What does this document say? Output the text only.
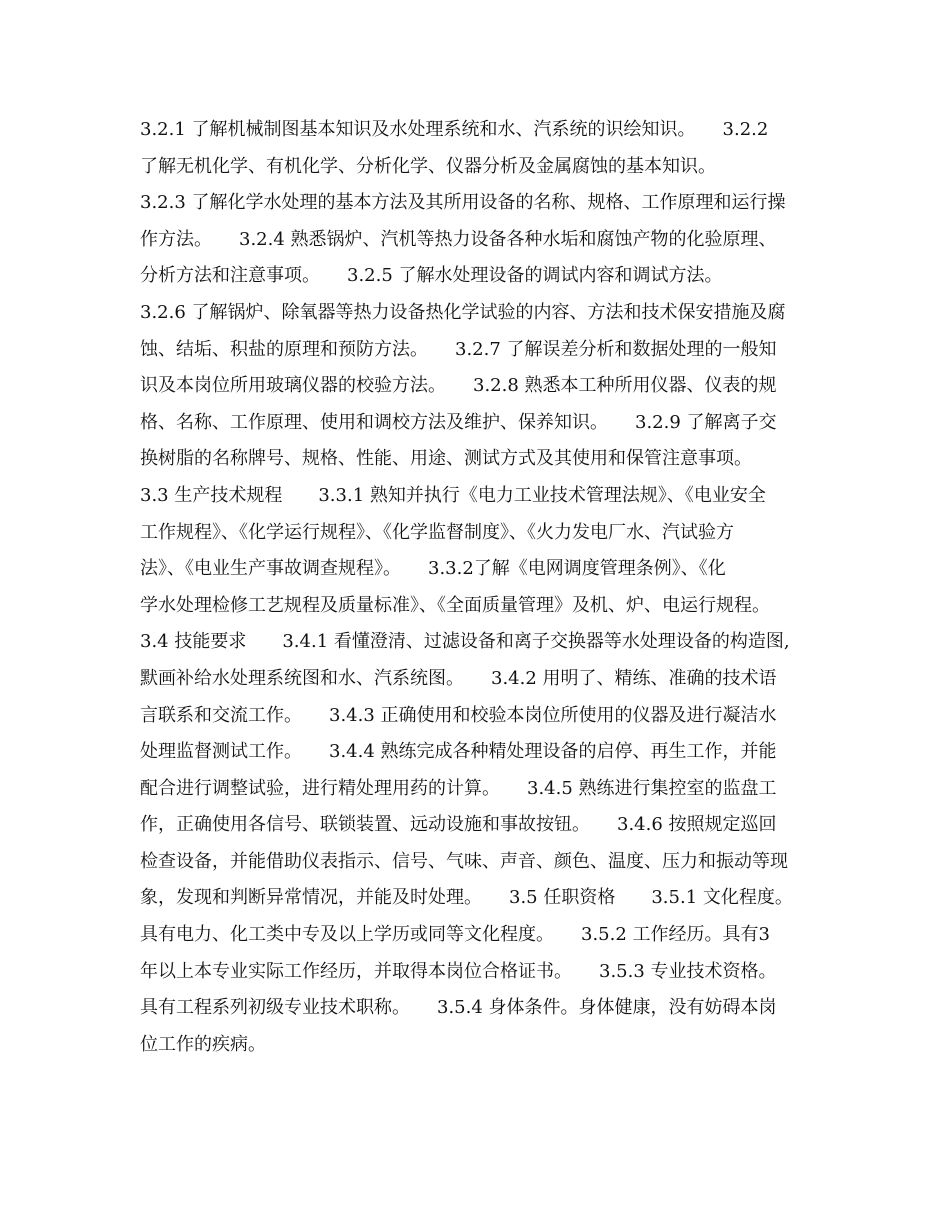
3.2.1 了解机械制图基本知识及水处理系统和水、汽系统的识绘知识。　　3.2.2
了解无机化学、有机化学、分析化学、仪器分析及金属腐蚀的基本知识。
3.2.3 了解化学水处理的基本方法及其所用设备的名称、规格、工作原理和运行操
作方法。　　3.2.4 熟悉锅炉、汽机等热力设备各种水垢和腐蚀产物的化验原理、
分析方法和注意事项。　　3.2.5 了解水处理设备的调试内容和调试方法。
3.2.6 了解锅炉、除氧器等热力设备热化学试验的内容、方法和技术保安措施及腐
蚀、结垢、积盐的原理和预防方法。　　3.2.7 了解误差分析和数据处理的一般知
识及本岗位所用玻璃仪器的校验方法。　　3.2.8 熟悉本工种所用仪器、仪表的规
格、名称、工作原理、使用和调校方法及维护、保养知识。　　3.2.9 了解离子交
换树脂的名称牌号、规格、性能、用途、测试方式及其使用和保管注意事项。
3.3 生产技术规程　　3.3.1 熟知并执行《电力工业技术管理法规》、《电业安全
工作规程》、《化学运行规程》、《化学监督制度》、《火力发电厂水、汽试验方
法》、《电业生产事故调查规程》。　　3.3.2了解《电网调度管理条例》、《化
学水处理检修工艺规程及质量标准》、《全面质量管理》及机、炉、电运行规程。
3.4 技能要求　　3.4.1 看懂澄清、过滤设备和离子交换器等水处理设备的构造图,
默画补给水处理系统图和水、汽系统图。　　3.4.2 用明了、精练、准确的技术语
言联系和交流工作。　　3.4.3 正确使用和校验本岗位所使用的仪器及进行凝洁水
处理监督测试工作。　　3.4.4 熟练完成各种精处理设备的启停、再生工作，并能
配合进行调整试验，进行精处理用药的计算。　　3.4.5 熟练进行集控室的监盘工
作，正确使用各信号、联锁装置、远动设施和事故按钮。　　3.4.6 按照规定巡回
检查设备，并能借助仪表指示、信号、气味、声音、颜色、温度、压力和振动等现
象，发现和判断异常情况，并能及时处理。　　3.5 任职资格　　3.5.1 文化程度。
具有电力、化工类中专及以上学历或同等文化程度。　　3.5.2 工作经历。具有3
年以上本专业实际工作经历，并取得本岗位合格证书。　　3.5.3 专业技术资格。
具有工程系列初级专业技术职称。　　3.5.4 身体条件。身体健康，没有妨碍本岗
位工作的疾病。
